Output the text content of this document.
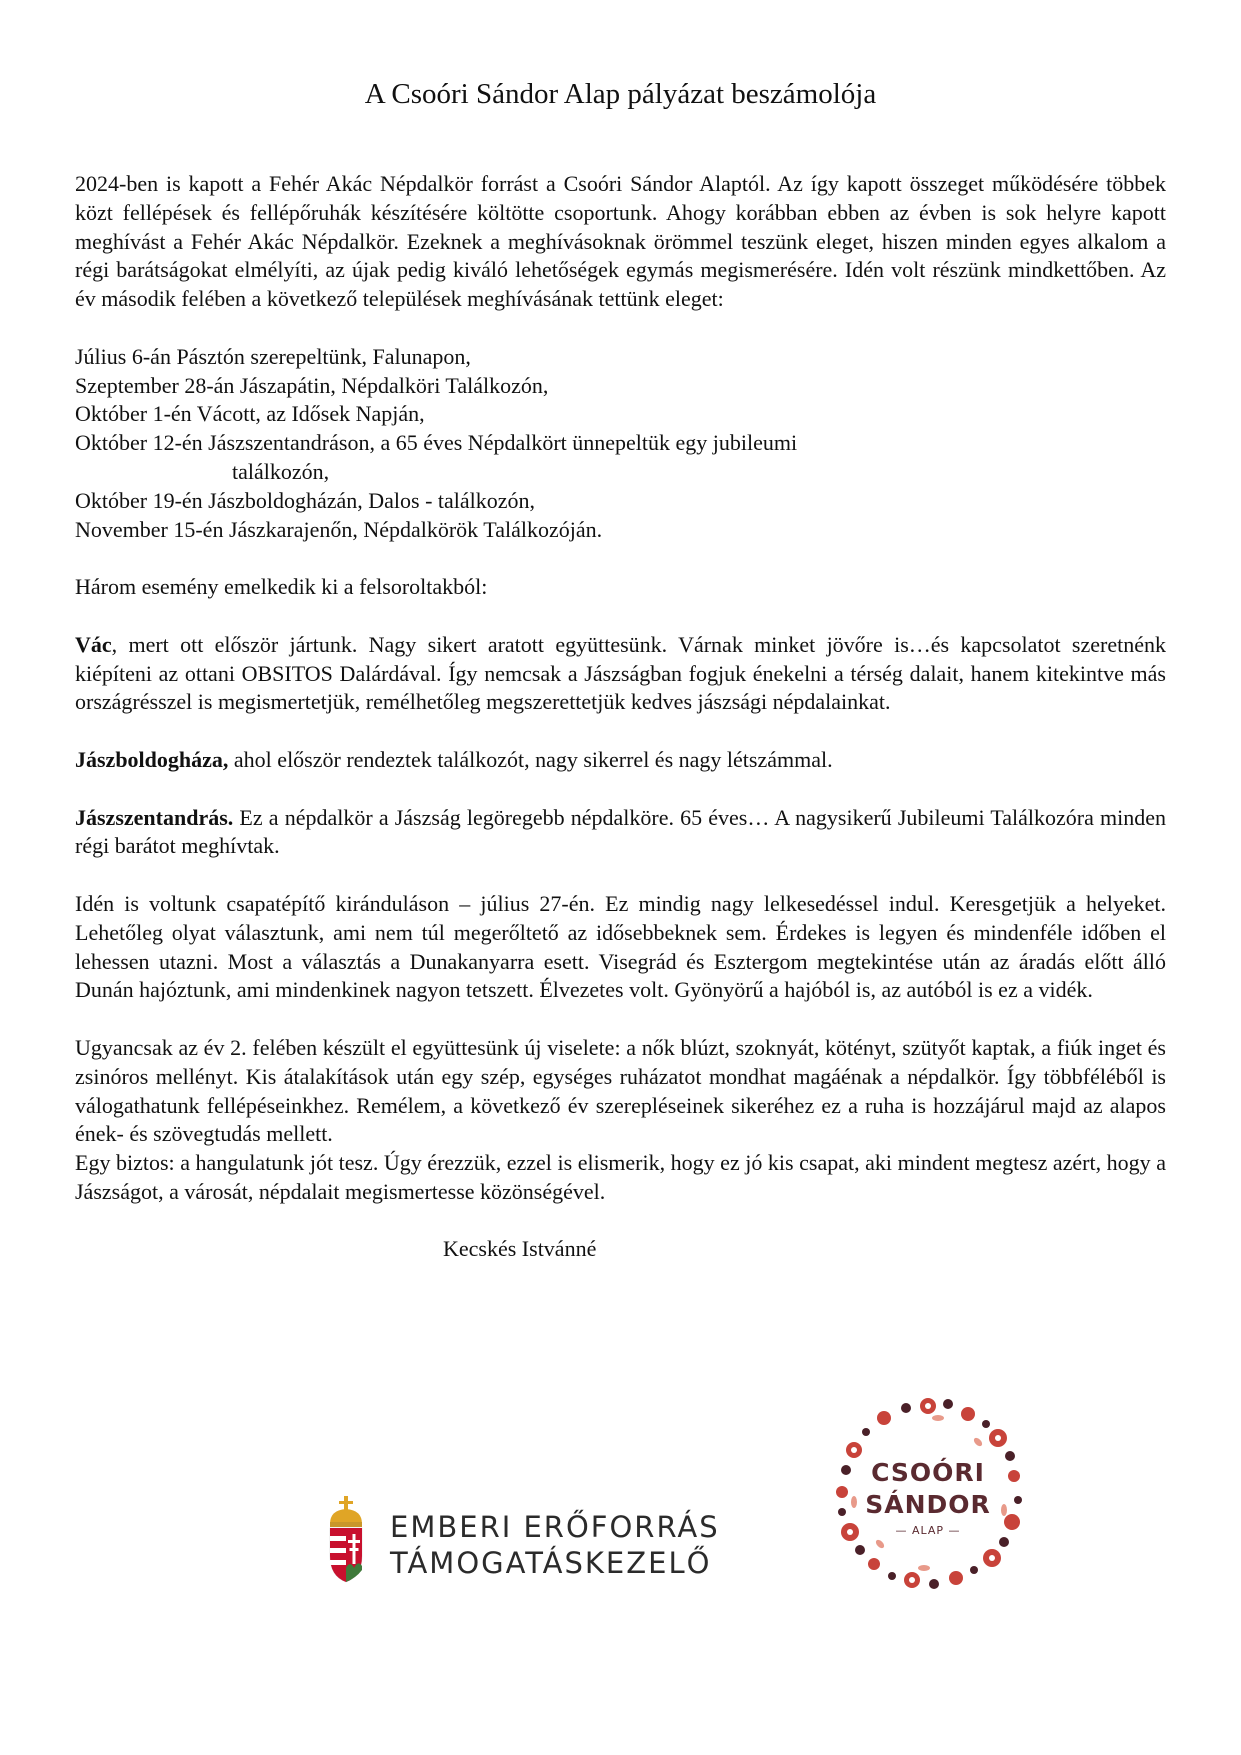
A Csoóri Sándor Alap pályázat beszámolója

2024-ben is kapott a Fehér Akác Népdalkör forrást a Csoóri Sándor Alaptól. Az így kapott összeget működésére többek közt fellépések és fellépőruhák készítésére költötte csoportunk. Ahogy korábban ebben az évben is sok helyre kapott meghívást a Fehér Akác Népdalkör. Ezeknek a meghívásoknak örömmel teszünk eleget, hiszen minden egyes alkalom a régi barátságokat elmélyíti, az újak pedig kiváló lehetőségek egymás megismerésére. Idén volt részünk mindkettőben. Az év második felében a következő települések meghívásának tettünk eleget:

Július 6-án Pásztón szerepeltünk, Falunapon,
Szeptember 28-án Jászapátin, Népdalköri Találkozón,
Október 1-én Vácott, az Idősek Napján,
Október 12-én Jászszentandráson, a 65 éves Népdalkört ünnepeltük egy jubileumi
találkozón,
Október 19-én Jászboldogházán, Dalos - találkozón,
November 15-én Jászkarajenőn, Népdalkörök Találkozóján.

Három esemény emelkedik ki a felsoroltakból:

Vác, mert ott először jártunk. Nagy sikert aratott együttesünk. Várnak minket jövőre is…és kapcsolatot szeretnénk kiépíteni az ottani OBSITOS Dalárdával. Így nemcsak a Jászságban fogjuk énekelni a térség dalait, hanem kitekintve más országrésszel is megismertetjük, remélhetőleg megszerettetjük kedves jászsági népdalainkat.

Jászboldogháza, ahol először rendeztek találkozót, nagy sikerrel és nagy létszámmal.

Jászszentandrás. Ez a népdalkör a Jászság legöregebb népdalköre. 65 éves… A nagysikerű Jubileumi Találkozóra minden régi barátot meghívtak.

Idén is voltunk csapatépítő kiránduláson – július 27-én. Ez mindig nagy lelkesedéssel indul. Keresgetjük a helyeket. Lehetőleg olyat választunk, ami nem túl megerőltető az idősebbeknek sem. Érdekes is legyen és mindenféle időben el lehessen utazni. Most a választás a Dunakanyarra esett. Visegrád és Esztergom megtekintése után az áradás előtt álló Dunán hajóztunk, ami mindenkinek nagyon tetszett. Élvezetes volt. Gyönyörű a hajóból is, az autóból is ez a vidék.

Ugyancsak az év 2. felében készült el együttesünk új viselete: a nők blúzt, szoknyát, kötényt, szütyőt kaptak, a fiúk inget és zsinóros mellényt. Kis átalakítások után egy szép, egységes ruházatot mondhat magáénak a népdalkör. Így többféléből is válogathatunk fellépéseinkhez. Remélem, a következő év szerepléseinek sikeréhez ez a ruha is hozzájárul majd az alapos ének- és szövegtudás mellett.

Egy biztos: a hangulatunk jót tesz. Úgy érezzük, ezzel is elismerik, hogy ez jó kis csapat, aki mindent megtesz azért, hogy a Jászságot, a városát, népdalait megismertesse közönségével.

Kecskés Istvánné

EMBERI ERŐFORRÁS
TÁMOGATÁSKEZELŐ
CSOÓRI
SÁNDOR
— ALAP —
